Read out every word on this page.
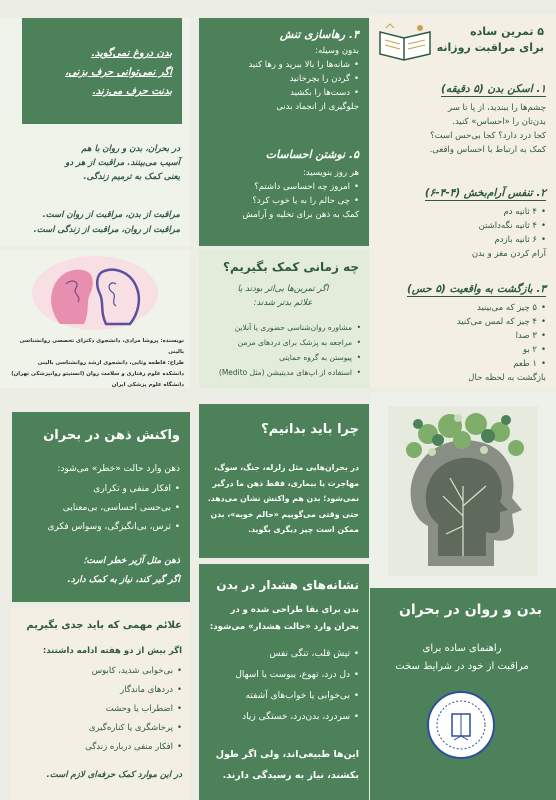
۵ تمرین ساده
برای مراقبت روزانه
۱. اسکن بدن (۵ دقیقه)
چشم‌ها را ببندید، از پا تا سر
بدن‌تان را «احساس» کنید.
کجا درد دارد؟ کجا بی‌حس است؟
کمک به ارتباط با احساس واقعی.
۲. تنفس آرام‌بخش (۴-۴-۶)
• ۴ ثانیه دم
• ۴ ثانیه نگه‌داشتن
• ۶ ثانیه بازدم
آرام کردن مغز و بدن
۳. بازگشت به واقعیت (۵ حس)
• ۵ چیز که می‌بینید
• ۴ چیز که لمس می‌کنید
• ۳ صدا
• ۲ بو
• ۱ طعم
بازگشت به لحظه حال
۴. رهاسازی تنش
بدون وسیله:
• شانه‌ها را بالا ببرید و رها کنید
• گردن را بچرخانید
• دست‌ها را بکشید
جلوگیری از انجماد بدنی
۵. نوشتن احساسات
هر روز بنویسید:
• امروز چه احساسی داشتم؟
• چی حالم را به یا خوب کرد؟
کمک به ذهن برای تخلیه و آرامش
بدن دروغ نمی‌گوید.
اگر نمی‌توانی حرف بزنی،
بدنت حرف می‌زند.
در بحران، بدن و روان با هم
آسیب می‌بینند. مراقبت از هر دو
یعنی کمک به ترمیم زندگی.
مراقبت از بدن، مراقبت از روان است.
مراقبت از روان، مراقبت از زندگی است.
چه زمانی کمک بگیریم؟
اگر تمرین‌ها بی‌اثر بودند یا
علائم بدتر شدند:
• مشاوره روان‌شناسی حضوری یا آنلاین
• مراجعه به پزشک برای دردهای مزمن
• پیوستن به گروه حمایتی
• استفاده از اپ‌های مدیتیشن (مثل Medito)
نویسنده: پروشا مرادی، دانشجوی دکترای تخصصی روانشناسی بالینی
طراح: فاطمه وثایی، دانشجوی ارشد روانشناسی بالینی
دانشکده علوم رفتاری و سلامت روان (انستیتو روانپزشکی تهران)
دانشگاه علوم پزشکی ایران
واکنش ذهن در بحران
ذهن وارد حالت «خطر» می‌شود:
• افکار منفی و تکراری
• بی‌حسی احساسی، بی‌معنایی
• ترس، بی‌انگیزگی، وسواس فکری
ذهن مثل آژیر خطر است؛
اگر گیر کند، نیاز به کمک دارد.
چرا باید بدانیم؟
در بحران‌هایی مثل زلزله، جنگ، سوگ،
مهاجرت یا بیماری، فقط ذهن ما درگیر
نمی‌شود؛ بدن هم واکنش نشان می‌دهد.
حتی وقتی می‌گوییم «حالم خوبه»، بدن
ممکن است چیز دیگری بگوید.
علائم مهمی که باید جدی بگیریم
اگر بیش از دو هفته ادامه داشتند:
• بی‌خوابی شدید، کابوس
• دردهای ماندگار
• اضطراب یا وحشت
• پرخاشگری یا کناره‌گیری
• افکار منفی درباره زندگی
در این موارد کمک حرفه‌ای لازم است.
نشانه‌های هشدار در بدن
بدن برای بقا طراحی شده و در
بحران وارد «حالت هشدار» می‌شود:
• تپش قلب، تنگی نفس
• دل درد، تهوع، یبوست یا اسهال
• بی‌خوابی یا خواب‌های آشفته
• سردرد، بدن‌درد، خستگی زیاد
این‌ها طبیعی‌اند، ولی اگر طول
بکشند، نیاز به رسیدگی دارند.
بدن و روان در بحران
راهنمای ساده برای
مراقبت از خود در شرایط سخت
